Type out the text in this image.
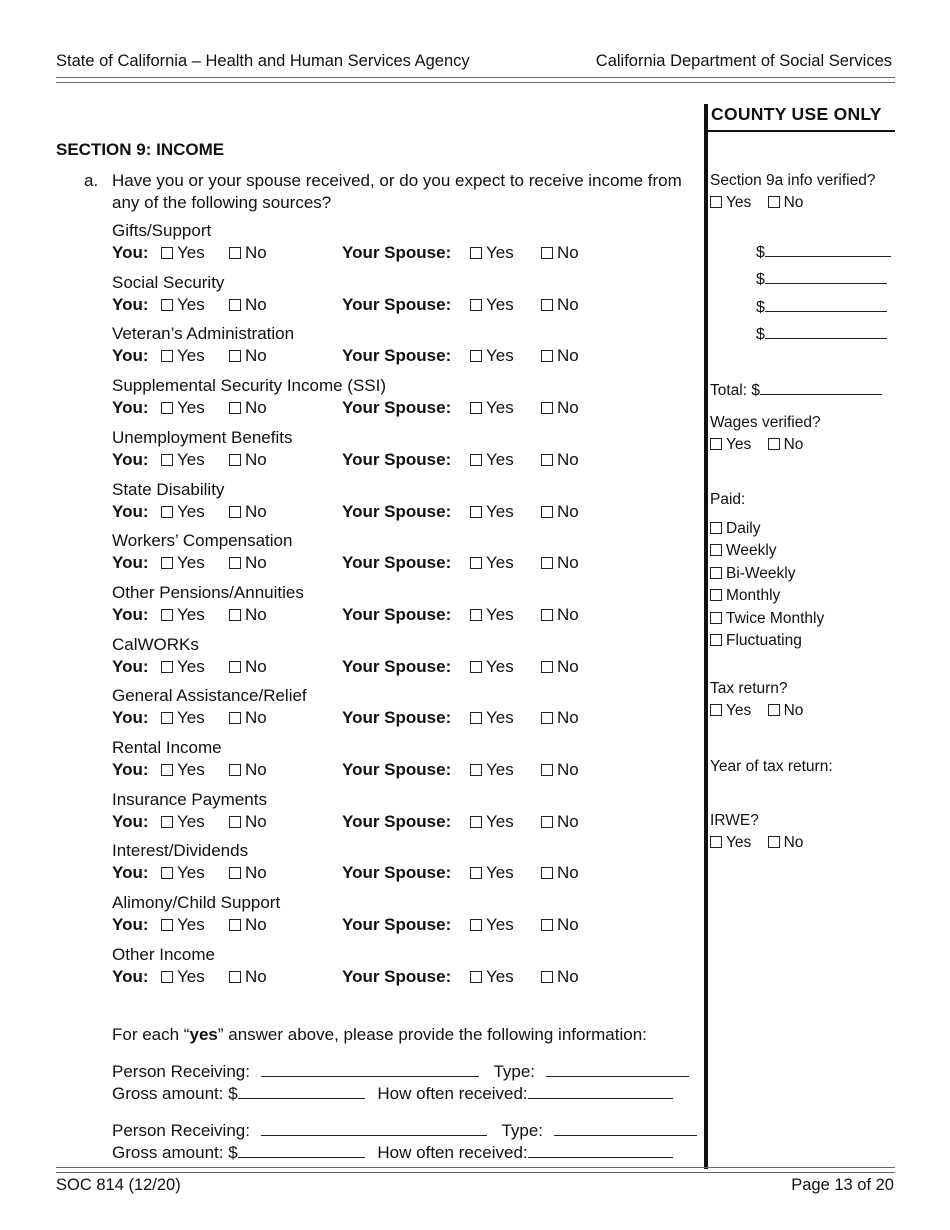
State of California – Health and Human Services Agency	California Department of Social Services
COUNTY USE ONLY
SECTION 9: INCOME
a. Have you or your spouse received, or do you expect to receive income from any of the following sources?
Gifts/Support
You:	Yes	No	Your Spouse:	Yes	No
Social Security
You:	Yes	No	Your Spouse:	Yes	No
Veteran’s Administration
You:	Yes	No	Your Spouse:	Yes	No
Supplemental Security Income (SSI)
You:	Yes	No	Your Spouse:	Yes	No
Unemployment Benefits
You:	Yes	No	Your Spouse:	Yes	No
State Disability
You:	Yes	No	Your Spouse:	Yes	No
Workers’ Compensation
You:	Yes	No	Your Spouse:	Yes	No
Other Pensions/Annuities
You:	Yes	No	Your Spouse:	Yes	No
CalWORKs
You:	Yes	No	Your Spouse:	Yes	No
General Assistance/Relief
You:	Yes	No	Your Spouse:	Yes	No
Rental Income
You:	Yes	No	Your Spouse:	Yes	No
Insurance Payments
You:	Yes	No	Your Spouse:	Yes	No
Interest/Dividends
You:	Yes	No	Your Spouse:	Yes	No
Alimony/Child Support
You:	Yes	No	Your Spouse:	Yes	No
Other Income
You:	Yes	No	Your Spouse:	Yes	No
For each “yes” answer above, please provide the following information:
Person Receiving:	Type:
Gross amount: $	How often received:
Person Receiving:	Type:
Gross amount: $	How often received:
Section 9a info verified?
Yes No
$
$
$
$
Total: $
Wages verified?
Yes No
Paid:
Daily
Weekly
Bi-Weekly
Monthly
Twice Monthly
Fluctuating
Tax return?
Yes No
Year of tax return:
IRWE?
Yes No
SOC 814 (12/20)	Page 13 of 20
